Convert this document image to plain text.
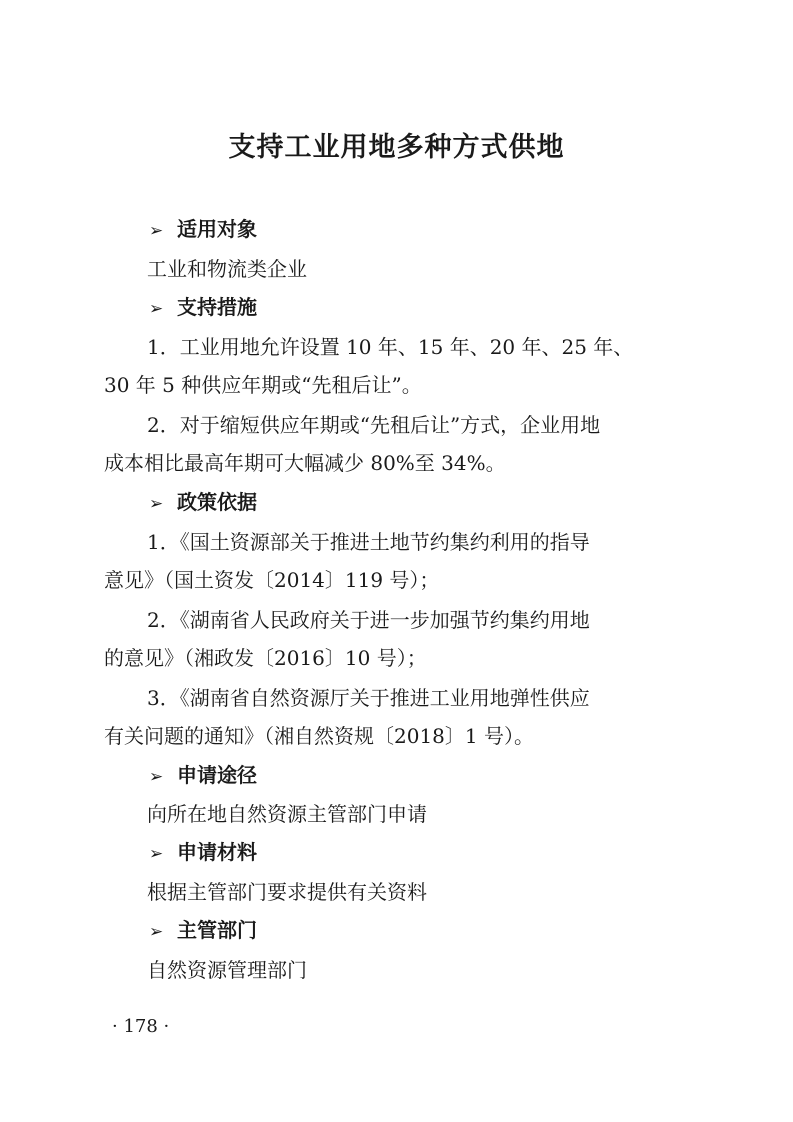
支持工业用地多种方式供地
➢ 适用对象
工业和物流类企业
➢ 支持措施
1．工业用地允许设置 10 年、15 年、20 年、25 年、
30 年 5 种供应年期或“先租后让”。
2．对于缩短供应年期或“先租后让”方式，企业用地
成本相比最高年期可大幅减少 80%至 34%。
➢ 政策依据
1．《国土资源部关于推进土地节约集约利用的指导
意见》（国土资发〔2014〕119 号）；
2．《湖南省人民政府关于进一步加强节约集约用地
的意见》（湘政发〔2016〕10 号）；
3．《湖南省自然资源厅关于推进工业用地弹性供应
有关问题的通知》（湘自然资规〔2018〕1 号）。
➢ 申请途径
向所在地自然资源主管部门申请
➢ 申请材料
根据主管部门要求提供有关资料
➢ 主管部门
自然资源管理部门
· 178 ·
